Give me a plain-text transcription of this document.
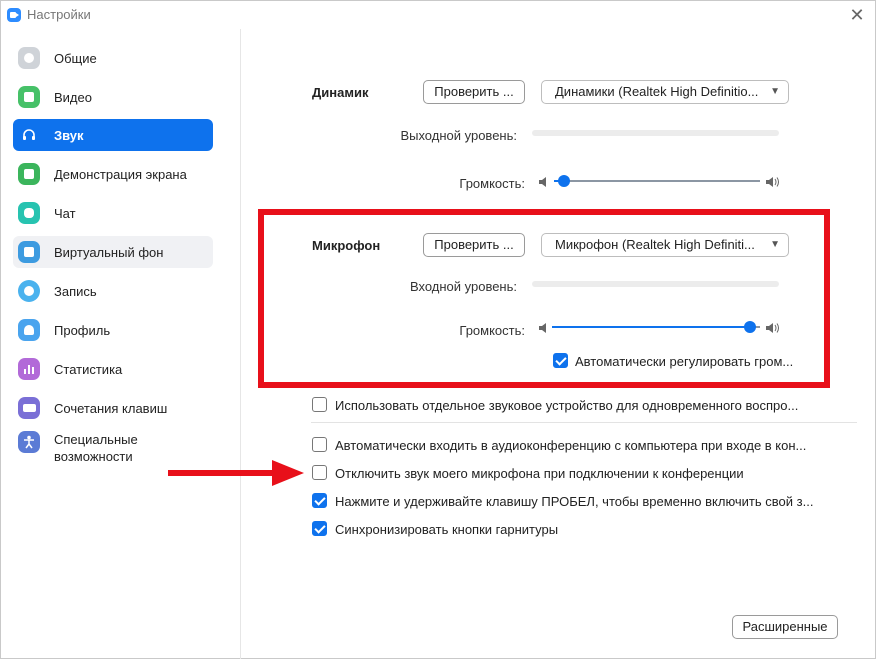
Настройки	✕
Общие
Видео
Звук
Демонстрация экрана
Чат
Виртуальный фон
Запись
Профиль
Статистика
Сочетания клавиш
Специальные
возможности
Динамик	Проверить ...	Динамики (Realtek High Definitio... ▼
Выходной уровень:
Громкость:
Микрофон	Проверить ...	Микрофон (Realtek High Definiti... ▼
Входной уровень:
Громкость:
Автоматически регулировать гром...
Использовать отдельное звуковое устройство для одновременного воспро...
Автоматически входить в аудиоконференцию с компьютера при входе в кон...
Отключить звук моего микрофона при подключении к конференции
Нажмите и удерживайте клавишу ПРОБЕЛ, чтобы временно включить свой з...
Синхронизировать кнопки гарнитуры
Расширенные
